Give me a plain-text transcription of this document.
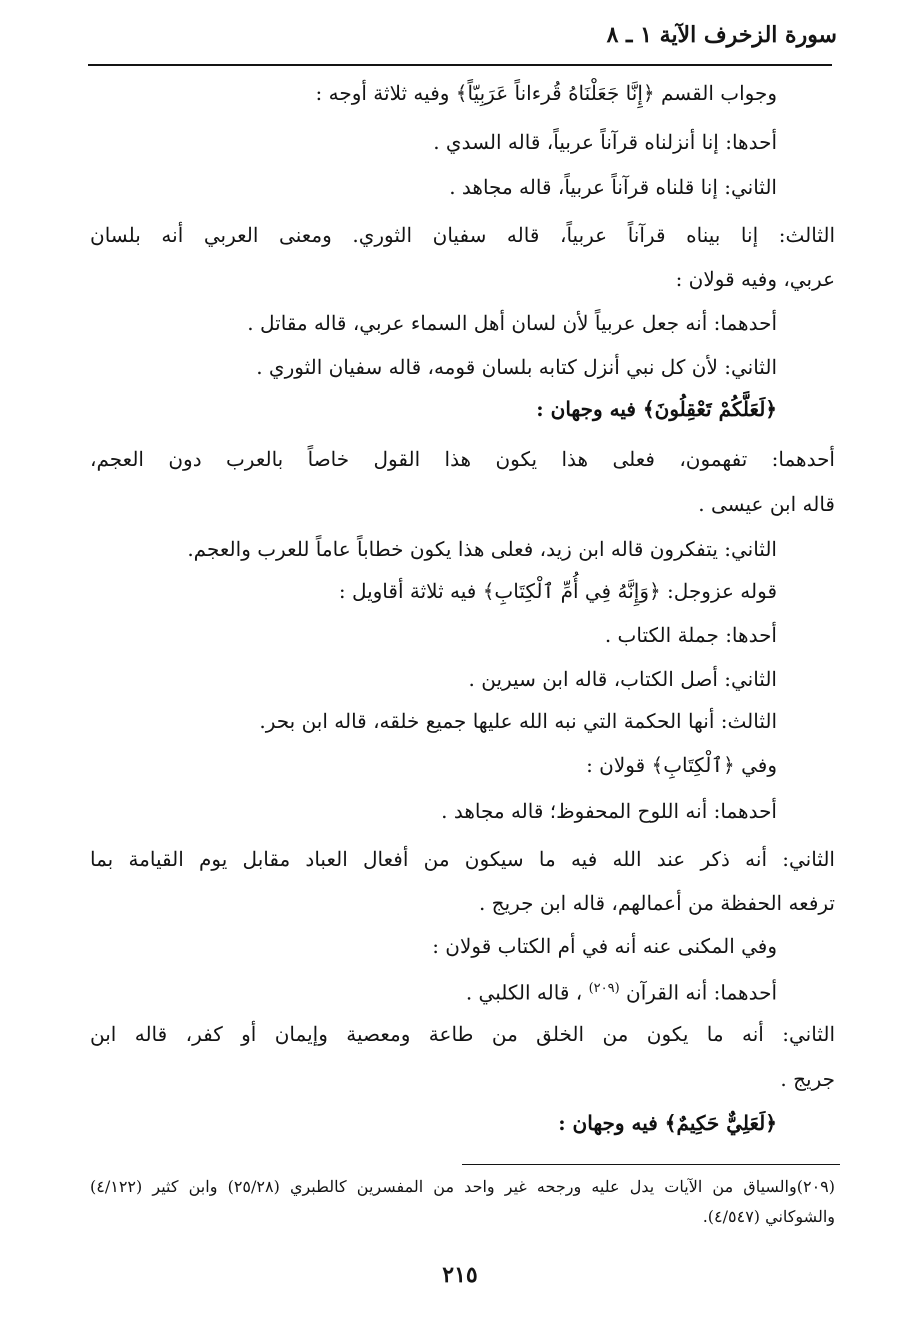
سورة الزخرف الآية ١ ـ ٨
وجواب القسم ﴿إِنَّا جَعَلْنَاهُ قُرءاناً عَرَبِيّاً﴾ وفيه ثلاثة أوجه :
أحدها: إنا أنزلناه قرآناً عربياً، قاله السدي .
الثاني: إنا قلناه قرآناً عربياً، قاله مجاهد .
الثالث: إنا بيناه قرآناً عربياً، قاله سفيان الثوري. ومعنى العربي أنه بلسان
عربي، وفيه قولان :
أحدهما: أنه جعل عربياً لأن لسان أهل السماء عربي، قاله مقاتل .
الثاني: لأن كل نبي أنزل كتابه بلسان قومه، قاله سفيان الثوري .
﴿لَعَلَّكُمْ تَعْقِلُونَ﴾ فيه وجهان :
أحدهما: تفهمون، فعلى هذا يكون هذا القول خاصاً بالعرب دون العجم،
قاله ابن عيسى .
الثاني: يتفكرون قاله ابن زيد، فعلى هذا يكون خطاباً عاماً للعرب والعجم.
قوله عزوجل: ﴿وَإِنَّهُ فِي أُمِّ ٱلْكِتَابِ﴾ فيه ثلاثة أقاويل :
أحدها: جملة الكتاب .
الثاني: أصل الكتاب، قاله ابن سيرين .
الثالث: أنها الحكمة التي نبه الله عليها جميع خلقه، قاله ابن بحر.
وفي ﴿ٱلْكِتَابِ﴾ قولان :
أحدهما: أنه اللوح المحفوظ؛ قاله مجاهد .
الثاني: أنه ذكر عند الله فيه ما سيكون من أفعال العباد مقابل يوم القيامة بما
ترفعه الحفظة من أعمالهم، قاله ابن جريج .
وفي المكنى عنه أنه في أم الكتاب قولان :
أحدهما: أنه القرآن $^{(٢٠٩)}$ ، قاله الكلبي .
الثاني: أنه ما يكون من الخلق من طاعة ومعصية وإيمان أو كفر، قاله ابن
جريج .
﴿لَعَلِيٌّ حَكِيمٌ﴾ فيه وجهان :
(٢٠٩)والسياق من الآيات يدل عليه ورجحه غير واحد من المفسرين كالطبري (٢٥/٢٨) وابن كثير (٤/١٢٢)
والشوكاني (٤/٥٤٧).
٢١٥
